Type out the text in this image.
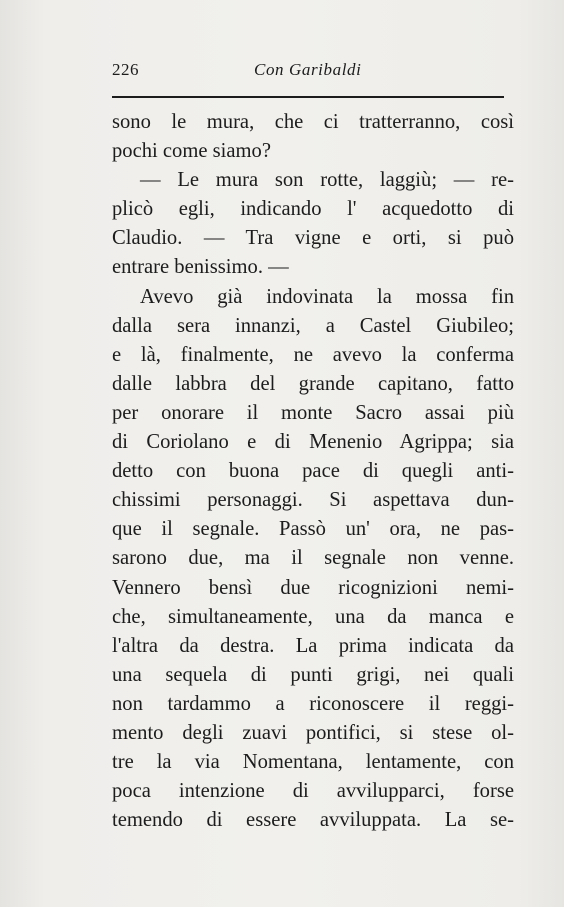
226	Con Garibaldi
sono le mura, che ci tratterranno, così
pochi come siamo?
— Le mura son rotte, laggiù; — re-
plicò egli, indicando l' acquedotto di
Claudio. — Tra vigne e orti, si può
entrare benissimo. —
Avevo già indovinata la mossa fin
dalla sera innanzi, a Castel Giubileo;
e là, finalmente, ne avevo la conferma
dalle labbra del grande capitano, fatto
per onorare il monte Sacro assai più
di Coriolano e di Menenio Agrippa; sia
detto con buona pace di quegli anti-
chissimi personaggi. Si aspettava dun-
que il segnale. Passò un' ora, ne pas-
sarono due, ma il segnale non venne.
Vennero bensì due ricognizioni nemi-
che, simultaneamente, una da manca e
l'altra da destra. La prima indicata da
una sequela di punti grigi, nei quali
non tardammo a riconoscere il reggi-
mento degli zuavi pontifici, si stese ol-
tre la via Nomentana, lentamente, con
poca intenzione di avvilupparci, forse
temendo di essere avviluppata. La se-
